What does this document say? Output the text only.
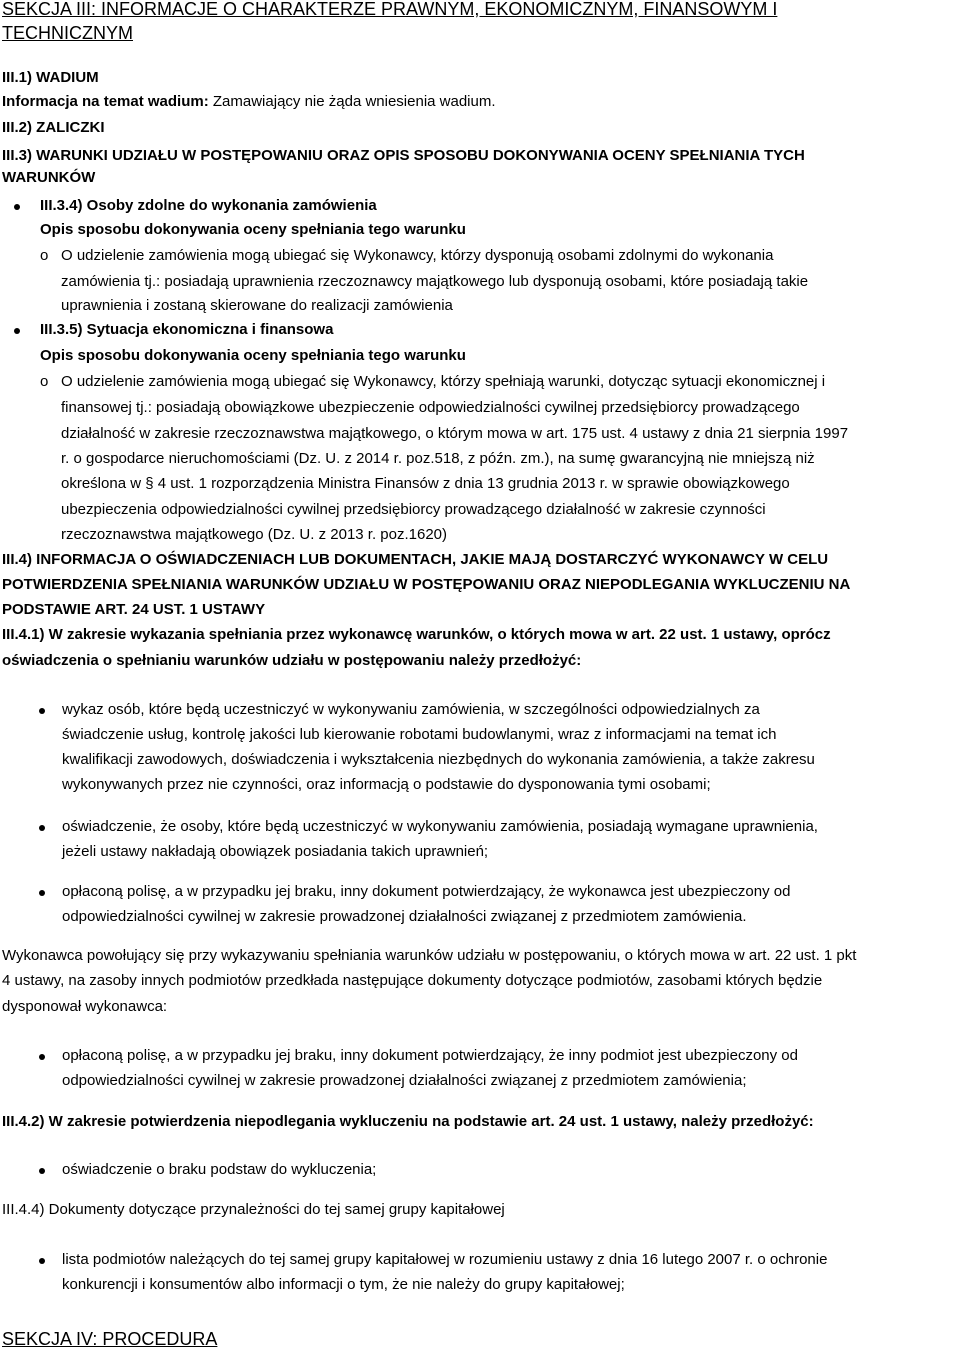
SEKCJA III: INFORMACJE O CHARAKTERZE PRAWNYM, EKONOMICZNYM, FINANSOWYM I
TECHNICZNYM
III.1) WADIUM
Informacja na temat wadium: Zamawiający nie żąda wniesienia wadium.
III.2) ZALICZKI
III.3) WARUNKI UDZIAŁU W POSTĘPOWANIU ORAZ OPIS SPOSOBU DOKONYWANIA OCENY SPEŁNIANIA TYCH
WARUNKÓW
III.3.4) Osoby zdolne do wykonania zamówienia
Opis sposobu dokonywania oceny spełniania tego warunku
o O udzielenie zamówienia mogą ubiegać się Wykonawcy, którzy dysponują osobami zdolnymi do wykonania
zamówienia tj.: posiadają uprawnienia rzeczoznawcy majątkowego lub dysponują osobami, które posiadają takie
uprawnienia i zostaną skierowane do realizacji zamówienia
III.3.5) Sytuacja ekonomiczna i finansowa
Opis sposobu dokonywania oceny spełniania tego warunku
o O udzielenie zamówienia mogą ubiegać się Wykonawcy, którzy spełniają warunki, dotycząc sytuacji ekonomicznej i
finansowej tj.: posiadają obowiązkowe ubezpieczenie odpowiedzialności cywilnej przedsiębiorcy prowadzącego
działalność w zakresie rzeczoznawstwa majątkowego, o którym mowa w art. 175 ust. 4 ustawy z dnia 21 sierpnia 1997
r. o gospodarce nieruchomościami (Dz. U. z 2014 r. poz.518, z późn. zm.), na sumę gwarancyjną nie mniejszą niż
określona w § 4 ust. 1 rozporządzenia Ministra Finansów z dnia 13 grudnia 2013 r. w sprawie obowiązkowego
ubezpieczenia odpowiedzialności cywilnej przedsiębiorcy prowadzącego działalność w zakresie czynności
rzeczoznawstwa majątkowego (Dz. U. z 2013 r. poz.1620)
III.4) INFORMACJA O OŚWIADCZENIACH LUB DOKUMENTACH, JAKIE MAJĄ DOSTARCZYĆ WYKONAWCY W CELU
POTWIERDZENIA SPEŁNIANIA WARUNKÓW UDZIAŁU W POSTĘPOWANIU ORAZ NIEPODLEGANIA WYKLUCZENIU NA
PODSTAWIE ART. 24 UST. 1 USTAWY
III.4.1) W zakresie wykazania spełniania przez wykonawcę warunków, o których mowa w art. 22 ust. 1 ustawy, oprócz
oświadczenia o spełnianiu warunków udziału w postępowaniu należy przedłożyć:
wykaz osób, które będą uczestniczyć w wykonywaniu zamówienia, w szczególności odpowiedzialnych za
świadczenie usług, kontrolę jakości lub kierowanie robotami budowlanymi, wraz z informacjami na temat ich
kwalifikacji zawodowych, doświadczenia i wykształcenia niezbędnych do wykonania zamówienia, a także zakresu
wykonywanych przez nie czynności, oraz informacją o podstawie do dysponowania tymi osobami;
oświadczenie, że osoby, które będą uczestniczyć w wykonywaniu zamówienia, posiadają wymagane uprawnienia,
jeżeli ustawy nakładają obowiązek posiadania takich uprawnień;
opłaconą polisę, a w przypadku jej braku, inny dokument potwierdzający, że wykonawca jest ubezpieczony od
odpowiedzialności cywilnej w zakresie prowadzonej działalności związanej z przedmiotem zamówienia.
Wykonawca powołujący się przy wykazywaniu spełniania warunków udziału w postępowaniu, o których mowa w art. 22 ust. 1 pkt
4 ustawy, na zasoby innych podmiotów przedkłada następujące dokumenty dotyczące podmiotów, zasobami których będzie
dysponował wykonawca:
opłaconą polisę, a w przypadku jej braku, inny dokument potwierdzający, że inny podmiot jest ubezpieczony od
odpowiedzialności cywilnej w zakresie prowadzonej działalności związanej z przedmiotem zamówienia;
III.4.2) W zakresie potwierdzenia niepodlegania wykluczeniu na podstawie art. 24 ust. 1 ustawy, należy przedłożyć:
oświadczenie o braku podstaw do wykluczenia;
III.4.4) Dokumenty dotyczące przynależności do tej samej grupy kapitałowej
lista podmiotów należących do tej samej grupy kapitałowej w rozumieniu ustawy z dnia 16 lutego 2007 r. o ochronie
konkurencji i konsumentów albo informacji o tym, że nie należy do grupy kapitałowej;
SEKCJA IV: PROCEDURA
